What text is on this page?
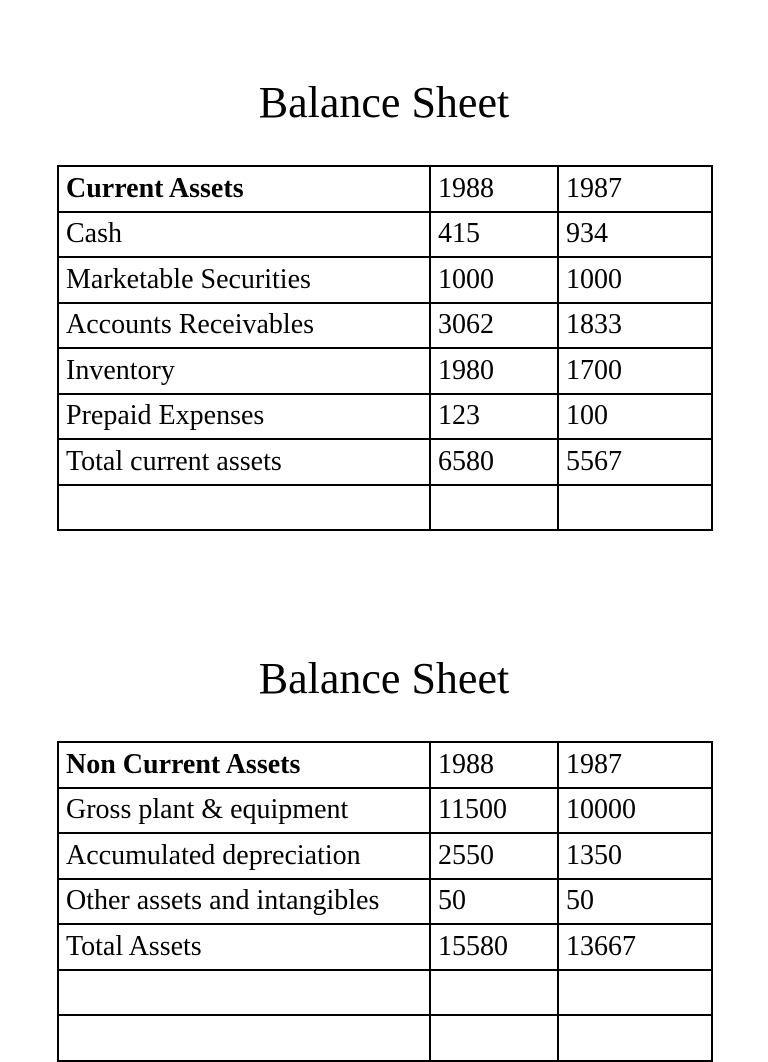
Balance Sheet
Current Assets	1988	1987
Cash	415	934
Marketable Securities	1000	1000
Accounts Receivables	3062	1833
Inventory	1980	1700
Prepaid Expenses	123	100
Total current assets	6580	5567

Balance Sheet
Non Current Assets	1988	1987
Gross plant & equipment	11500	10000
Accumulated depreciation	2550	1350
Other assets and intangibles	50	50
Total Assets	15580	13667
